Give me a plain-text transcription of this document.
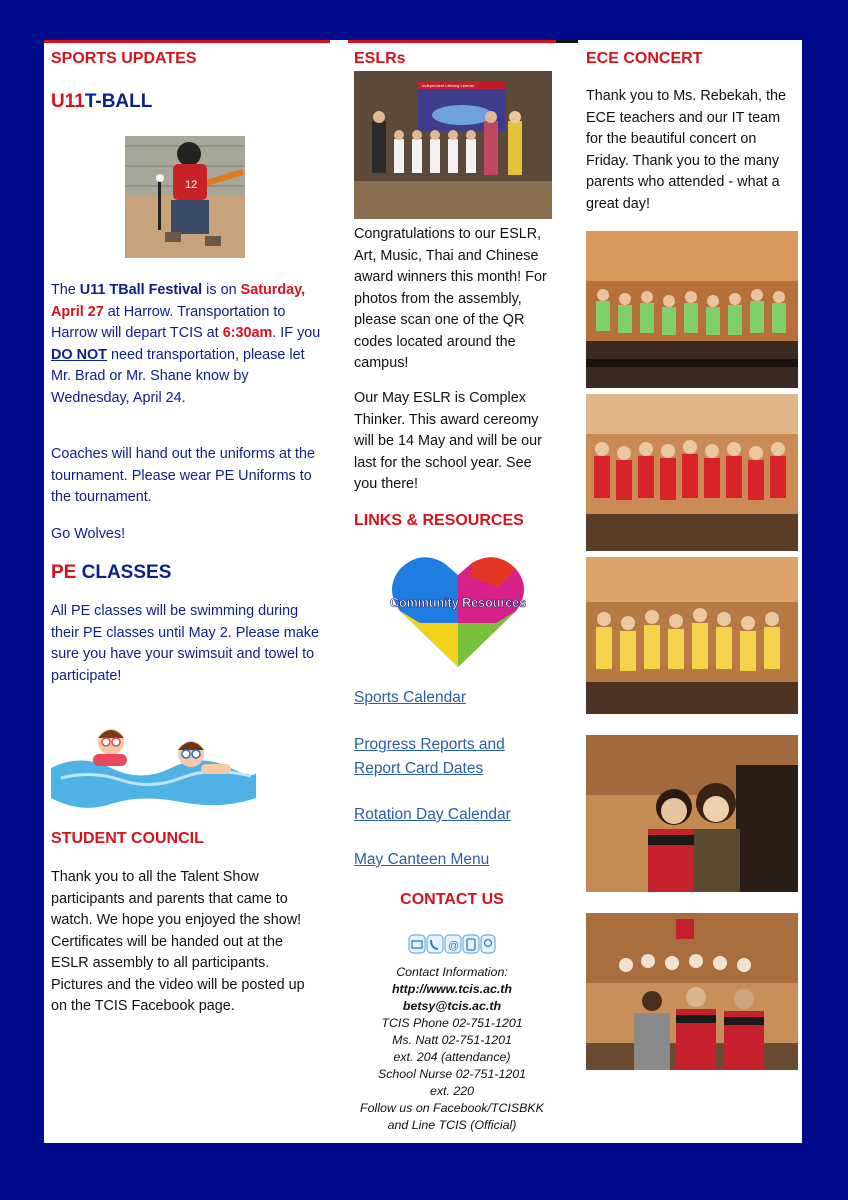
SPORTS UPDATES
U11T-BALL
12

The U11 TBall Festival is on Saturday, April 27 at Harrow. Transportation to Harrow will depart TCIS at 6:30am. IF you DO NOT need transportation, please let Mr. Brad or Mr. Shane know by Wednesday, April 24.

Coaches will hand out the uniforms at the tournament. Please wear PE Uniforms to the tournament.

Go Wolves!

PE CLASSES

All PE classes will be swimming during their PE classes until May 2. Please make sure you have your swimsuit and towel to participate!

STUDENT COUNCIL

Thank you to all the Talent Show participants and parents that came to watch. We hope you enjoyed the show! Certificates will be handed out at the ESLR assembly to all participants. Pictures and the video will be posted up on the TCIS Facebook page.

ESLRs
Independent Lifelong Learner

Congratulations to our ESLR, Art, Music, Thai and Chinese award winners this month! For photos from the assembly, please scan one of the QR codes located around the campus!

Our May ESLR is Complex Thinker. This award cereomy will be 14 May and will be our last for the school year. See you there!

LINKS & RESOURCES
Community Resources
Sports Calendar
Progress Reports and Report Card Dates
Rotation Day Calendar
May Canteen Menu
CONTACT US
@
Contact Information:
http://www.tcis.ac.th
betsy@tcis.ac.th
TCIS Phone 02-751-1201
Ms. Natt 02-751-1201
ext. 204 (attendance)
School Nurse 02-751-1201
ext. 220
Follow us on Facebook/TCISBKK
and Line TCIS (Official)
ECE CONCERT

Thank you to Ms. Rebekah, the ECE teachers and our IT team for the beautiful concert on Friday. Thank you to the many parents who attended - what a great day!
